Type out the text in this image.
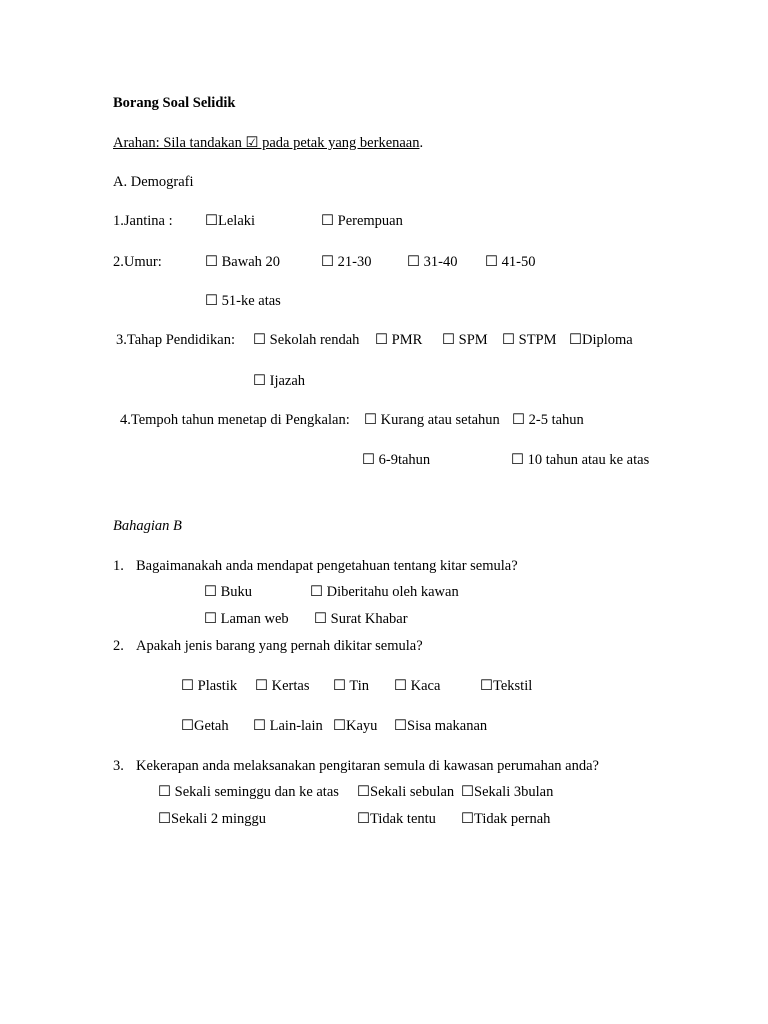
Borang Soal Selidik
Arahan: Sila tandakan ☑ pada petak yang berkenaan.
A. Demografi
1.Jantina : ☐Lelaki	☐ Perempuan
2.Umur:	☐ Bawah 20	☐ 21-30 ☐ 31-40 ☐ 41-50
☐ 51-ke atas
3.Tahap Pendidikan: ☐ Sekolah rendah ☐ PMR ☐ SPM ☐ STPM ☐Diploma
☐ Ijazah
4.Tempoh tahun menetap di Pengkalan: ☐ Kurang atau setahun ☐ 2-5 tahun
☐ 6-9tahun	☐ 10 tahun atau ke atas
Bahagian B
1. Bagaimanakah anda mendapat pengetahuan tentang kitar semula?
☐ Buku	☐ Diberitahu oleh kawan
☐ Laman web ☐ Surat Khabar
2. Apakah jenis barang yang pernah dikitar semula?
☐ Plastik ☐ Kertas ☐ Tin ☐ Kaca	☐Tekstil
☐Getah ☐ Lain-lain ☐Kayu ☐Sisa makanan
3. Kekerapan anda melaksanakan pengitaran semula di kawasan perumahan anda?
☐ Sekali seminggu dan ke atas ☐Sekali sebulan ☐Sekali 3bulan
☐Sekali 2 minggu	☐Tidak tentu ☐Tidak pernah
